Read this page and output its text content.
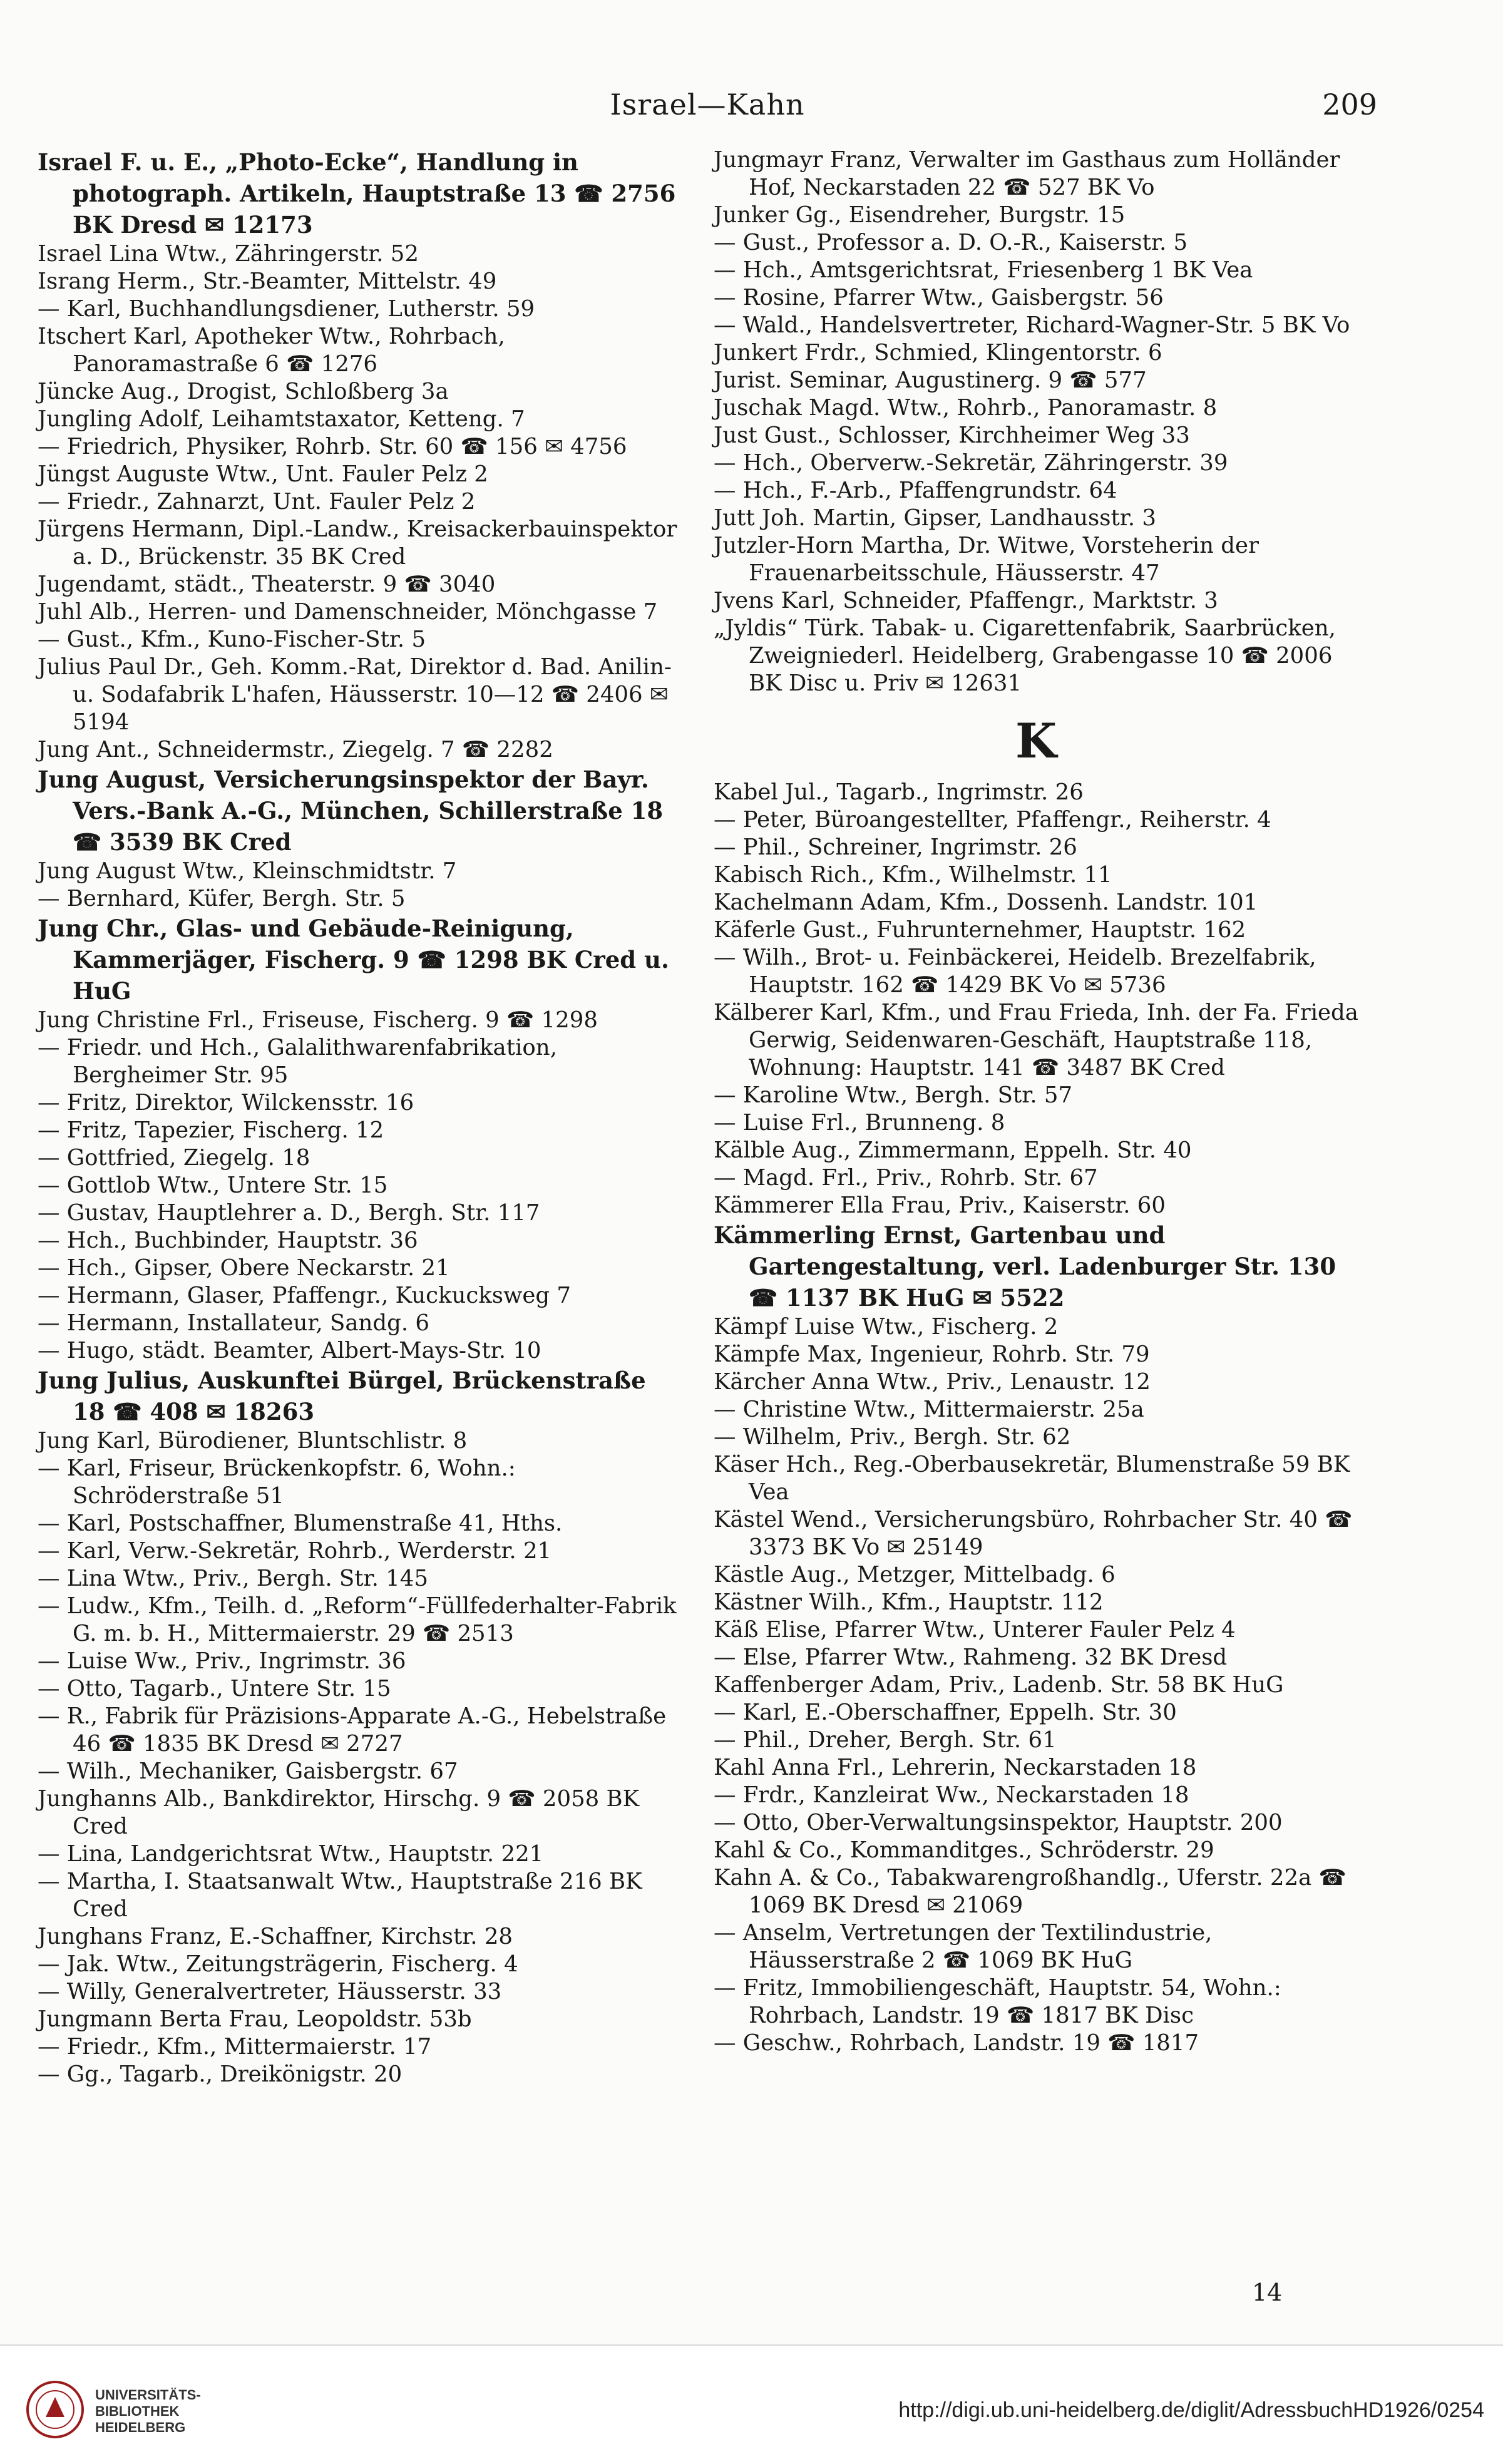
Israel—Kahn	209
Israel F. u. E., „Photo-Ecke“, Handlung in photograph. Artikeln, Hauptstraße 13 ☎ 2756 BK Dresd ✉ 12173
Israel Lina Wtw., Zähringerstr. 52
Israng Herm., Str.-Beamter, Mittelstr. 49
— Karl, Buchhandlungsdiener, Lutherstr. 59
Itschert Karl, Apotheker Wtw., Rohrbach, Panoramastraße 6 ☎ 1276
Jüncke Aug., Drogist, Schloßberg 3a
Jungling Adolf, Leihamtstaxator, Ketteng. 7
— Friedrich, Physiker, Rohrb. Str. 60 ☎ 156 ✉ 4756
Jüngst Auguste Wtw., Unt. Fauler Pelz 2
— Friedr., Zahnarzt, Unt. Fauler Pelz 2
Jürgens Hermann, Dipl.-Landw., Kreisackerbauinspektor a. D., Brückenstr. 35 BK Cred
Jugendamt, städt., Theaterstr. 9 ☎ 3040
Juhl Alb., Herren- und Damenschneider, Mönchgasse 7
— Gust., Kfm., Kuno-Fischer-Str. 5
Julius Paul Dr., Geh. Komm.-Rat, Direktor d. Bad. Anilin- u. Sodafabrik L'hafen, Häusserstr. 10—12 ☎ 2406 ✉ 5194
Jung Ant., Schneidermstr., Ziegelg. 7 ☎ 2282
Jung August, Versicherungsinspektor der Bayr. Vers.-Bank A.-G., München, Schillerstraße 18 ☎ 3539 BK Cred
Jung August Wtw., Kleinschmidtstr. 7
— Bernhard, Küfer, Bergh. Str. 5
Jung Chr., Glas- und Gebäude-Reinigung, Kammerjäger, Fischerg. 9 ☎ 1298 BK Cred u. HuG
Jung Christine Frl., Friseuse, Fischerg. 9 ☎ 1298
— Friedr. und Hch., Galalithwarenfabrikation, Bergheimer Str. 95
— Fritz, Direktor, Wilckensstr. 16
— Fritz, Tapezier, Fischerg. 12
— Gottfried, Ziegelg. 18
— Gottlob Wtw., Untere Str. 15
— Gustav, Hauptlehrer a. D., Bergh. Str. 117
— Hch., Buchbinder, Hauptstr. 36
— Hch., Gipser, Obere Neckarstr. 21
— Hermann, Glaser, Pfaffengr., Kuckucksweg 7
— Hermann, Installateur, Sandg. 6
— Hugo, städt. Beamter, Albert-Mays-Str. 10
Jung Julius, Auskunftei Bürgel, Brückenstraße 18 ☎ 408 ✉ 18263
Jung Karl, Bürodiener, Bluntschlistr. 8
— Karl, Friseur, Brückenkopfstr. 6, Wohn.: Schröderstraße 51
— Karl, Postschaffner, Blumenstraße 41, Hths.
— Karl, Verw.-Sekretär, Rohrb., Werderstr. 21
— Lina Wtw., Priv., Bergh. Str. 145
— Ludw., Kfm., Teilh. d. „Reform“-Füllfederhalter-Fabrik G. m. b. H., Mittermaierstr. 29 ☎ 2513
— Luise Ww., Priv., Ingrimstr. 36
— Otto, Tagarb., Untere Str. 15
— R., Fabrik für Präzisions-Apparate A.-G., Hebelstraße 46 ☎ 1835 BK Dresd ✉ 2727
— Wilh., Mechaniker, Gaisbergstr. 67
Junghanns Alb., Bankdirektor, Hirschg. 9 ☎ 2058 BK Cred
— Lina, Landgerichtsrat Wtw., Hauptstr. 221
— Martha, I. Staatsanwalt Wtw., Hauptstraße 216 BK Cred
Junghans Franz, E.-Schaffner, Kirchstr. 28
— Jak. Wtw., Zeitungsträgerin, Fischerg. 4
— Willy, Generalvertreter, Häusserstr. 33
Jungmann Berta Frau, Leopoldstr. 53b
— Friedr., Kfm., Mittermaierstr. 17
— Gg., Tagarb., Dreikönigstr. 20
Jungmayr Franz, Verwalter im Gasthaus zum Holländer Hof, Neckarstaden 22 ☎ 527 BK Vo
Junker Gg., Eisendreher, Burgstr. 15
— Gust., Professor a. D. O.-R., Kaiserstr. 5
— Hch., Amtsgerichtsrat, Friesenberg 1 BK Vea
— Rosine, Pfarrer Wtw., Gaisbergstr. 56
— Wald., Handelsvertreter, Richard-Wagner-Str. 5 BK Vo
Junkert Frdr., Schmied, Klingentorstr. 6
Jurist. Seminar, Augustinerg. 9 ☎ 577
Juschak Magd. Wtw., Rohrb., Panoramastr. 8
Just Gust., Schlosser, Kirchheimer Weg 33
— Hch., Oberverw.-Sekretär, Zähringerstr. 39
— Hch., F.-Arb., Pfaffengrundstr. 64
Jutt Joh. Martin, Gipser, Landhausstr. 3
Jutzler-Horn Martha, Dr. Witwe, Vorsteherin der Frauenarbeitsschule, Häusserstr. 47
Jvens Karl, Schneider, Pfaffengr., Marktstr. 3
„Jyldis“ Türk. Tabak- u. Cigarettenfabrik, Saarbrücken, Zweigniederl. Heidelberg, Grabengasse 10 ☎ 2006 BK Disc u. Priv ✉ 12631
K
Kabel Jul., Tagarb., Ingrimstr. 26
— Peter, Büroangestellter, Pfaffengr., Reiherstr. 4
— Phil., Schreiner, Ingrimstr. 26
Kabisch Rich., Kfm., Wilhelmstr. 11
Kachelmann Adam, Kfm., Dossenh. Landstr. 101
Käferle Gust., Fuhrunternehmer, Hauptstr. 162
— Wilh., Brot- u. Feinbäckerei, Heidelb. Brezelfabrik, Hauptstr. 162 ☎ 1429 BK Vo ✉ 5736
Kälberer Karl, Kfm., und Frau Frieda, Inh. der Fa. Frieda Gerwig, Seidenwaren-Geschäft, Hauptstraße 118, Wohnung: Hauptstr. 141 ☎ 3487 BK Cred
— Karoline Wtw., Bergh. Str. 57
— Luise Frl., Brunneng. 8
Kälble Aug., Zimmermann, Eppelh. Str. 40
— Magd. Frl., Priv., Rohrb. Str. 67
Kämmerer Ella Frau, Priv., Kaiserstr. 60
Kämmerling Ernst, Gartenbau und Gartengestaltung, verl. Ladenburger Str. 130 ☎ 1137 BK HuG ✉ 5522
Kämpf Luise Wtw., Fischerg. 2
Kämpfe Max, Ingenieur, Rohrb. Str. 79
Kärcher Anna Wtw., Priv., Lenaustr. 12
— Christine Wtw., Mittermaierstr. 25a
— Wilhelm, Priv., Bergh. Str. 62
Käser Hch., Reg.-Oberbausekretär, Blumenstraße 59 BK Vea
Kästel Wend., Versicherungsbüro, Rohrbacher Str. 40 ☎ 3373 BK Vo ✉ 25149
Kästle Aug., Metzger, Mittelbadg. 6
Kästner Wilh., Kfm., Hauptstr. 112
Käß Elise, Pfarrer Wtw., Unterer Fauler Pelz 4
— Else, Pfarrer Wtw., Rahmeng. 32 BK Dresd
Kaffenberger Adam, Priv., Ladenb. Str. 58 BK HuG
— Karl, E.-Oberschaffner, Eppelh. Str. 30
— Phil., Dreher, Bergh. Str. 61
Kahl Anna Frl., Lehrerin, Neckarstaden 18
— Frdr., Kanzleirat Ww., Neckarstaden 18
— Otto, Ober-Verwaltungsinspektor, Hauptstr. 200
Kahl & Co., Kommanditges., Schröderstr. 29
Kahn A. & Co., Tabakwarengroßhandlg., Uferstr. 22a ☎ 1069 BK Dresd ✉ 21069
— Anselm, Vertretungen der Textilindustrie, Häusserstraße 2 ☎ 1069 BK HuG
— Fritz, Immobiliengeschäft, Hauptstr. 54, Wohn.: Rohrbach, Landstr. 19 ☎ 1817 BK Disc
— Geschw., Rohrbach, Landstr. 19 ☎ 1817
14
UNIVERSITÄTS-
BIBLIOTHEK
HEIDELBERG
http://digi.ub.uni-heidelberg.de/diglit/AdressbuchHD1926/0254
